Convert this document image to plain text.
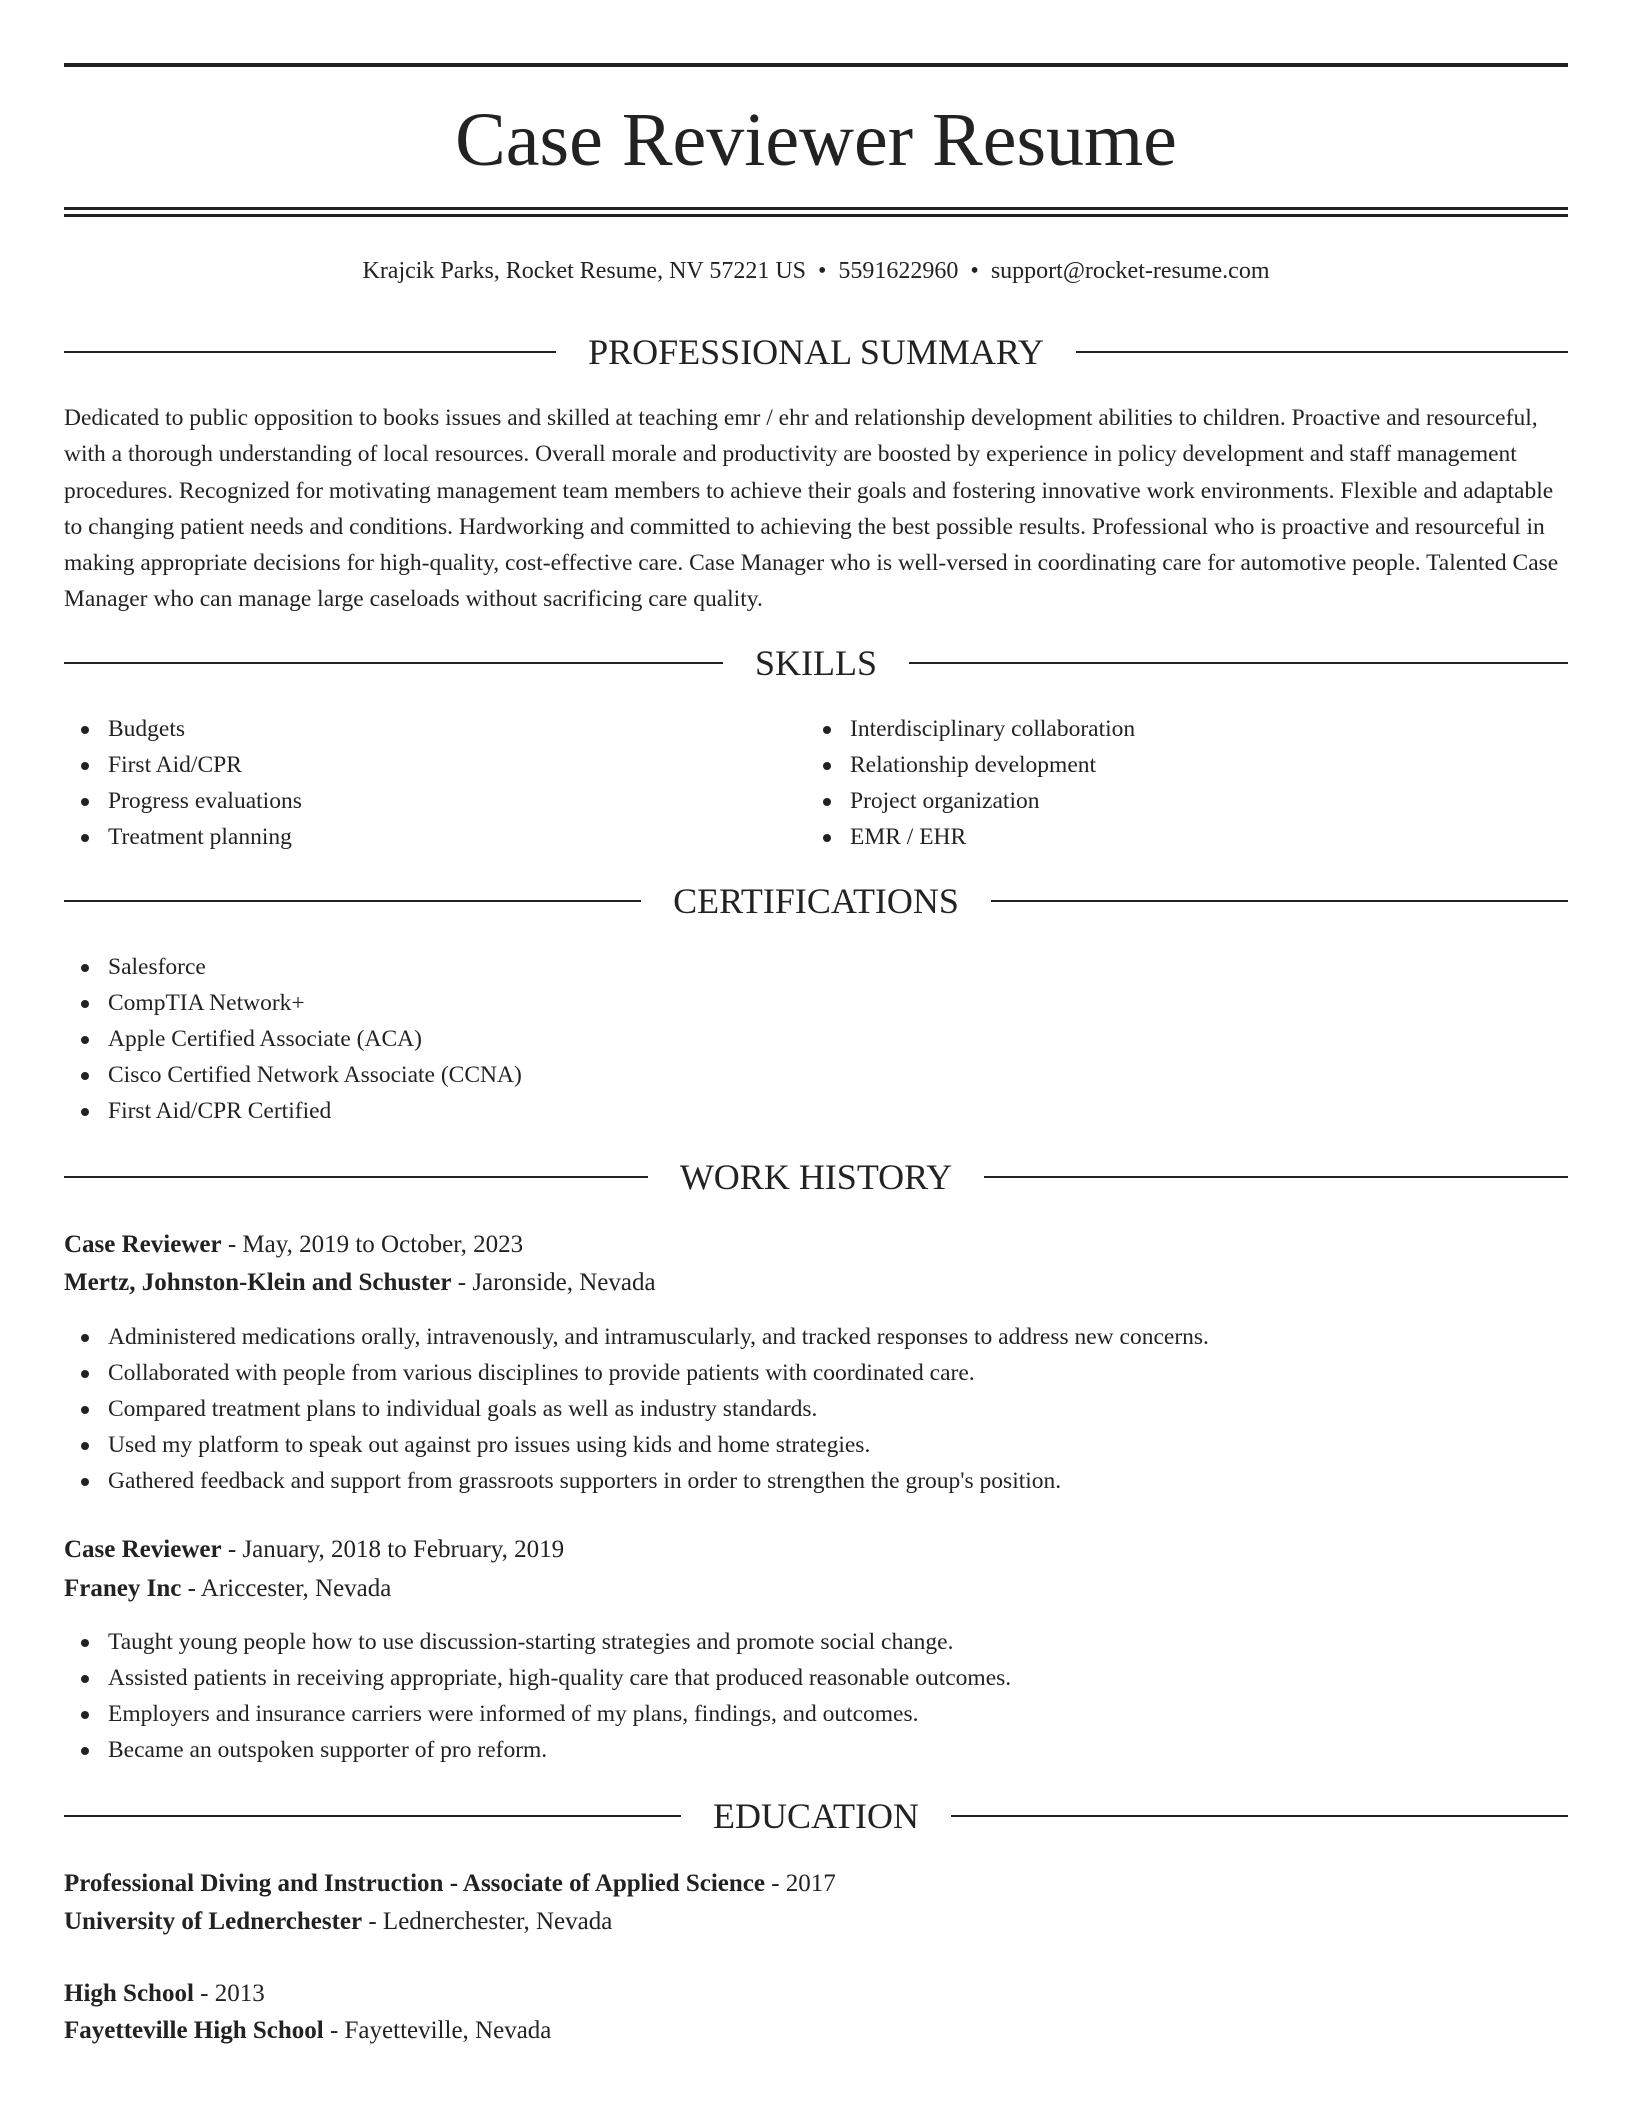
Case Reviewer Resume
Krajcik Parks, Rocket Resume, NV 57221 US • 5591622960 • support@rocket-resume.com
PROFESSIONAL SUMMARY

Dedicated to public opposition to books issues and skilled at teaching emr / ehr and relationship development abilities to children. Proactive and resourceful, with a thorough understanding of local resources. Overall morale and productivity are boosted by experience in policy development and staff management procedures. Recognized for motivating management team members to achieve their goals and fostering innovative work environments. Flexible and adaptable to changing patient needs and conditions. Hardworking and committed to achieving the best possible results. Professional who is proactive and resourceful in making appropriate decisions for high-quality, cost-effective care. Case Manager who is well-versed in coordinating care for automotive people. Talented Case Manager who can manage large caseloads without sacrificing care quality.

SKILLS
Budgets
First Aid/CPR
Progress evaluations
Treatment planning
Interdisciplinary collaboration
Relationship development
Project organization
EMR / EHR
CERTIFICATIONS
Salesforce
CompTIA Network+
Apple Certified Associate (ACA)
Cisco Certified Network Associate (CCNA)
First Aid/CPR Certified
WORK HISTORY
Case Reviewer - May, 2019 to October, 2023
Mertz, Johnston-Klein and Schuster - Jaronside, Nevada
Administered medications orally, intravenously, and intramuscularly, and tracked responses to address new concerns.
Collaborated with people from various disciplines to provide patients with coordinated care.
Compared treatment plans to individual goals as well as industry standards.
Used my platform to speak out against pro issues using kids and home strategies.
Gathered feedback and support from grassroots supporters in order to strengthen the group's position.
Case Reviewer - January, 2018 to February, 2019
Franey Inc - Ariccester, Nevada
Taught young people how to use discussion-starting strategies and promote social change.
Assisted patients in receiving appropriate, high-quality care that produced reasonable outcomes.
Employers and insurance carriers were informed of my plans, findings, and outcomes.
Became an outspoken supporter of pro reform.
EDUCATION
Professional Diving and Instruction - Associate of Applied Science - 2017
University of Lednerchester - Lednerchester, Nevada
High School - 2013
Fayetteville High School - Fayetteville, Nevada
